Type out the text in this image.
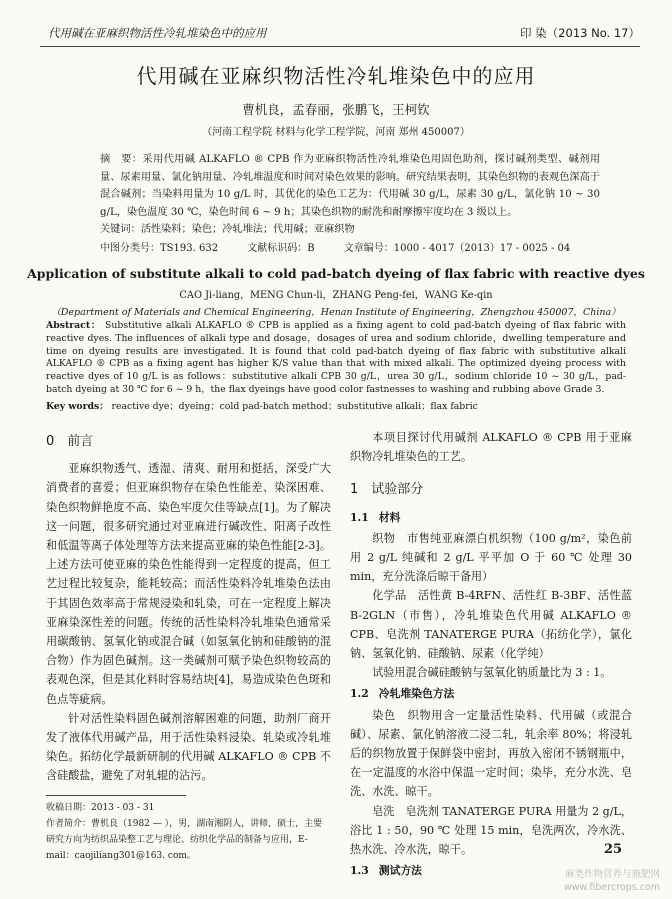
代用碱在亚麻织物活性冷轧堆染色中的应用	印 染（2013 No. 17）
代用碱在亚麻织物活性冷轧堆染色中的应用
曹机良，孟春丽，张鹏飞，王柯钦
（河南工程学院 材料与化学工程学院，河南 郑州 450007）

摘　要：采用代用碱 ALKAFLO ® CPB 作为亚麻织物活性冷轧堆染色用固色助剂，探讨碱剂类型、碱剂用量、尿素用量、氯化钠用量、冷轧堆温度和时间对染色效果的影响。研究结果表明，其染色织物的表观色深高于混合碱剂；当染料用量为 10 g/L 时，其优化的染色工艺为：代用碱 30 g/L，尿素 30 g/L，氯化钠 10 ~ 30 g/L，染色温度 30 ℃，染色时间 6 ~ 9 h；其染色织物的耐洗和耐摩擦牢度均在 3 级以上。

关键词：活性染料；染色；冷轧堆法；代用碱；亚麻织物
中图分类号：TS193. 632	文献标识码：B	文章编号：1000 - 4017（2013）17 - 0025 - 04
Application of substitute alkali to cold pad-batch dyeing of flax fabric with reactive dyes
CAO Ji-liang，MENG Chun-li，ZHANG Peng-fei，WANG Ke-qin
（Department of Materials and Chemical Engineering，Henan Institute of Engineering，Zhengzhou 450007，China）
Abstract： Substitutive alkali ALKAFLO ® CPB is applied as a fixing agent to cold pad-batch dyeing of flax fabric with reactive dyes. The influences of alkali type and dosage，dosages of urea and sodium chloride，dwelling temperature and time on dyeing results are investigated. It is found that cold pad-batch dyeing of flax fabric with substitutive alkali ALKAFLO ® CPB as a fixing agent has higher K/S value than that with mixed alkali. The optimized dyeing process with reactive dyes of 10 g/L is as follows：substitutive alkali CPB 30 g/L，urea 30 g/L，sodium chloride 10 ~ 30 g/L，pad-batch dyeing at 30 ℃ for 6 ~ 9 h，the flax dyeings have good color fastnesses to washing and rubbing above Grade 3.
Key words： reactive dye；dyeing；cold pad-batch method；substitutive alkali；flax fabric
0　前言

亚麻织物透气、透湿、清爽、耐用和挺括，深受广大消费者的喜爱；但亚麻织物存在染色性能差、染深困难、染色织物鲜艳度不高、染色牢度欠佳等缺点[1]。为了解决这一问题，很多研究通过对亚麻进行碱改性、阳离子改性和低温等离子体处理等方法来提高亚麻的染色性能[2-3]。上述方法可使亚麻的染色性能得到一定程度的提高，但工艺过程比较复杂，能耗较高；而活性染料冷轧堆染色法由于其固色效率高于常规浸染和轧染，可在一定程度上解决亚麻染深性差的问题。传统的活性染料冷轧堆染色通常采用碳酸钠、氢氧化钠或混合碱（如氢氧化钠和硅酸钠的混合物）作为固色碱剂。这一类碱剂可赋予染色织物较高的表观色深，但是其化料时容易结块[4]，易造成染色色斑和色点等疵病。

针对活性染料固色碱剂溶解困难的问题，助剂厂商开发了液体代用碱产品，用于活性染料浸染、轧染或冷轧堆染色。拓纺化学最新研制的代用碱 ALKAFLO ® CPB 不含硅酸盐，避免了对轧辊的沾污。

收稿日期：2013 - 03 - 31
作者简介：曹机良（1982 — ），男，湖南湘阴人，讲师，硕士，主要研究方向为纺织品染整工艺与理论、纺织化学品的制备与应用，E-mail：caojiliang301@163. com。

本项目探讨代用碱剂 ALKAFLO ® CPB 用于亚麻织物冷轧堆染色的工艺。

1　试验部分
1.1 材料

织物　市售纯亚麻漂白机织物（100 g/m²，染色前用 2 g/L 纯碱和 2 g/L 平平加 O 于 60 ℃ 处理 30 min，充分洗涤后晾干备用）

化学品　活性黄 B-4RFN、活性红 B-3BF、活性蓝 B-2GLN（市售），冷轧堆染色代用碱 ALKAFLO ® CPB、皂洗剂 TANATERGE PURA（拓纺化学），氯化钠、氢氧化钠、硅酸钠、尿素（化学纯）

试验用混合碱硅酸钠与氢氧化钠质量比为 3 : 1。

1.2 冷轧堆染色方法

染色　织物用含一定量活性染料、代用碱（或混合碱）、尿素、氯化钠溶液二浸二轧，轧余率 80%；将浸轧后的织物放置于保鲜袋中密封，再放入密闭不锈钢瓶中，在一定温度的水浴中保温一定时间；染毕，充分水洗、皂洗、水洗、晾干。

皂洗　皂洗剂 TANATERGE PURA 用量为 2 g/L，浴比 1 : 50，90 ℃ 处理 15 min，皂洗两次，冷水洗、热水洗、冷水洗，晾干。

1.3 测试方法
25
麻类作物营养与施肥网 www.fibercrops.com
